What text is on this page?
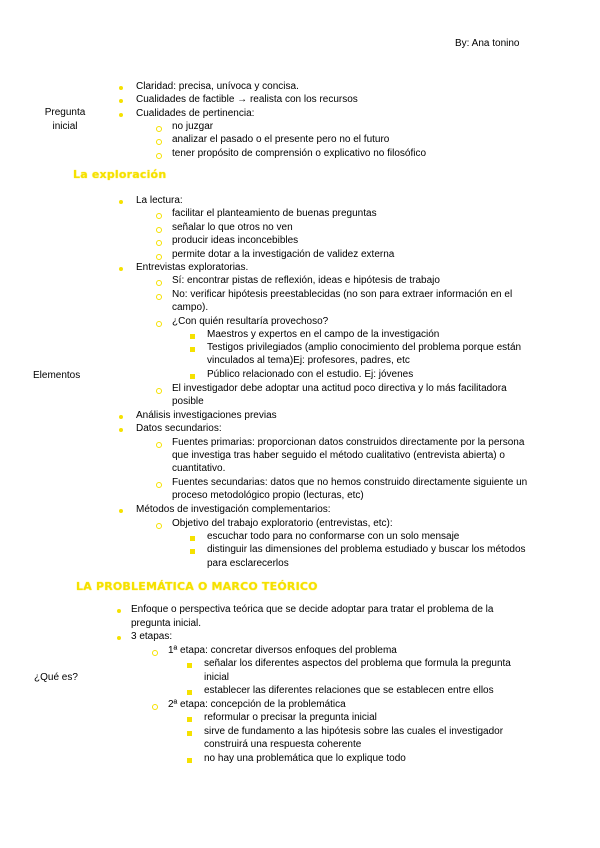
By: Ana tonino
Pregunta
inicial
Claridad: precisa, unívoca y concisa.
Cualidades de factible → realista con los recursos
Cualidades de pertinencia:
no juzgar
analizar el pasado o el presente pero no el futuro
tener propósito de comprensión o explicativo no filosófico
La exploración
Elementos
La lectura:
facilitar el planteamiento de buenas preguntas
señalar lo que otros no ven
producir ideas inconcebibles
permite dotar a la investigación de validez externa
Entrevistas exploratorias.
Sí: encontrar pistas de reflexión, ideas e hipótesis de trabajo
No: verificar hipótesis preestablecidas (no son para extraer información en el
campo).
¿Con quién resultaría provechoso?
Maestros y expertos en el campo de la investigación
Testigos privilegiados (amplio conocimiento del problema porque están
vinculados al tema)Ej: profesores, padres, etc
Público relacionado con el estudio. Ej: jóvenes
El investigador debe adoptar una actitud poco directiva y lo más facilitadora
posible
Análisis investigaciones previas
Datos secundarios:
Fuentes primarias: proporcionan datos construidos directamente por la persona
que investiga tras haber seguido el método cualitativo (entrevista abierta) o
cuantitativo.
Fuentes secundarias: datos que no hemos construido directamente siguiente un
proceso metodológico propio (lecturas, etc)
Métodos de investigación complementarios:
Objetivo del trabajo exploratorio (entrevistas, etc):
escuchar todo para no conformarse con un solo mensaje
distinguir las dimensiones del problema estudiado y buscar los métodos
para esclarecerlos
LA PROBLEMÁTICA O MARCO TEÓRICO
¿Qué es?
Enfoque o perspectiva teórica que se decide adoptar para tratar el problema de la
pregunta inicial.
3 etapas:
1ª etapa: concretar diversos enfoques del problema
señalar los diferentes aspectos del problema que formula la pregunta
inicial
establecer las diferentes relaciones que se establecen entre ellos
2ª etapa: concepción de la problemática
reformular o precisar la pregunta inicial
sirve de fundamento a las hipótesis sobre las cuales el investigador
construirá una respuesta coherente
no hay una problemática que lo explique todo
